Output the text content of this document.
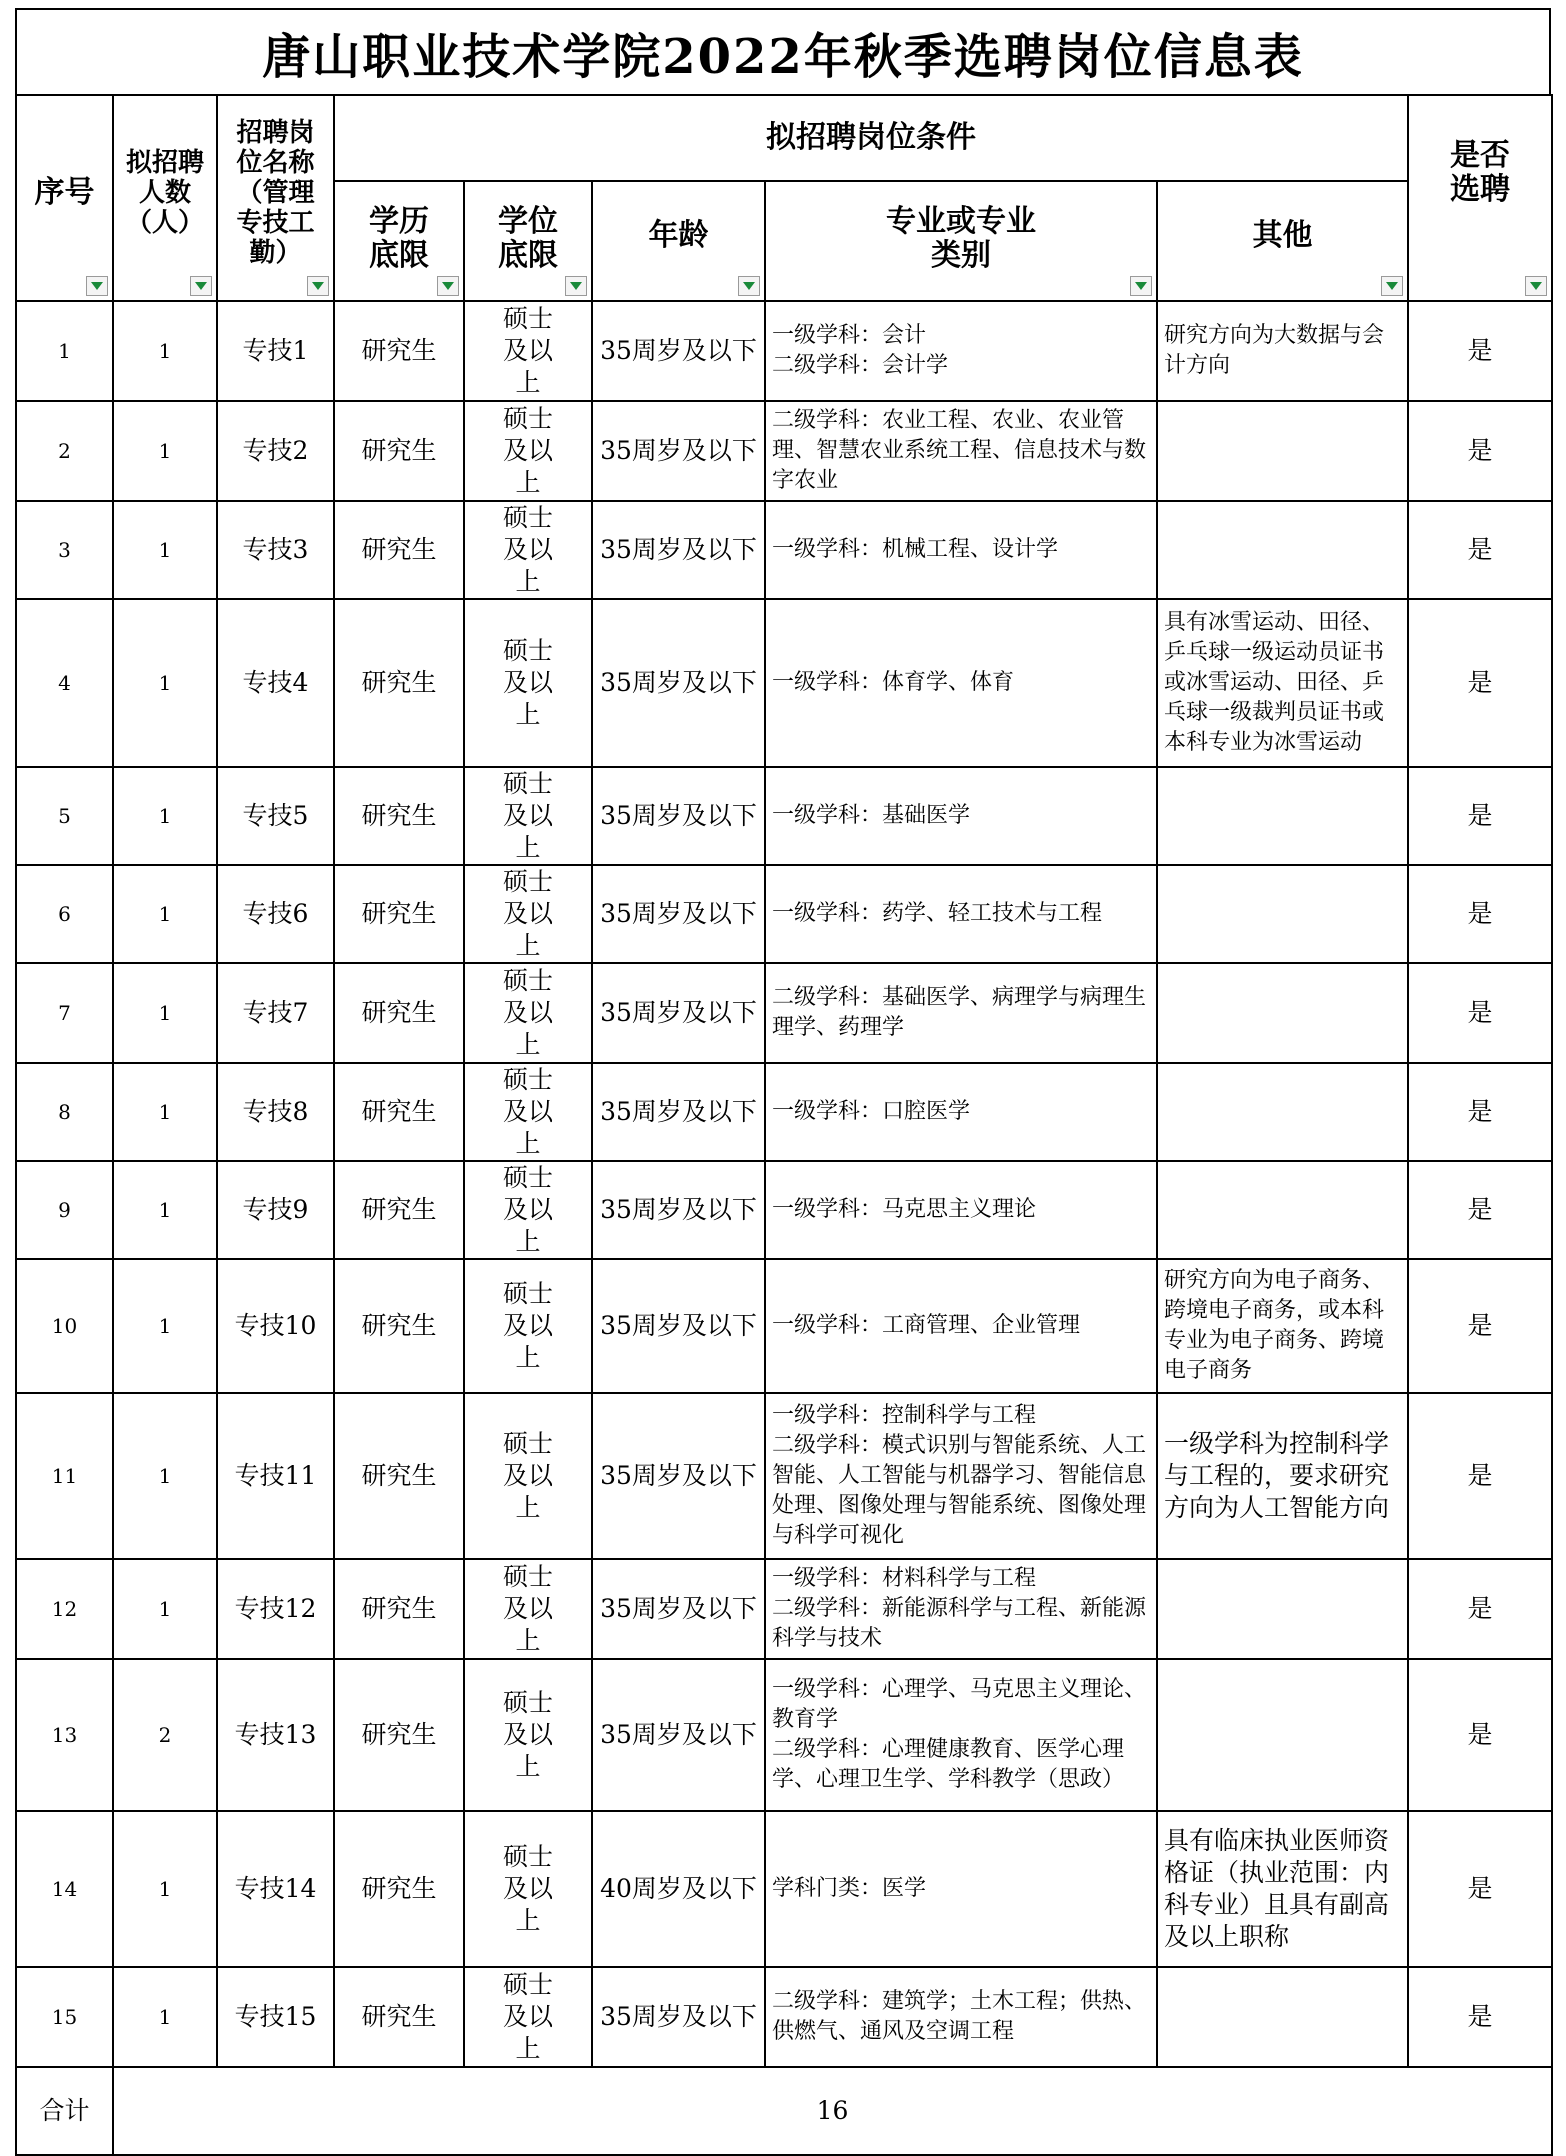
唐山职业技术学院2022年秋季选聘岗位信息表
序号	拟招聘人数（人）	招聘岗位名称（管理专技工勤）	拟招聘岗位条件					是否选聘

			学历底限	学位底限	年龄	专业或专业类别	其他	

1	1	专技1	研究生	硕士及以上	35周岁及以下	一级学科：会计
二级学科：会计学	研究方向为大数据与会计方向	是
2	1	专技2	研究生	硕士及以上	35周岁及以下	二级学科：农业工程、农业、农业管理、智慧农业系统工程、信息技术与数字农业		是
3	1	专技3	研究生	硕士及以上	35周岁及以下	一级学科：机械工程、设计学		是
4	1	专技4	研究生	硕士及以上	35周岁及以下	一级学科：体育学、体育	具有冰雪运动、田径、乒乓球一级运动员证书或冰雪运动、田径、乒乓球一级裁判员证书或本科专业为冰雪运动	是
5	1	专技5	研究生	硕士及以上	35周岁及以下	一级学科：基础医学		是
6	1	专技6	研究生	硕士及以上	35周岁及以下	一级学科：药学、轻工技术与工程		是
7	1	专技7	研究生	硕士及以上	35周岁及以下	二级学科：基础医学、病理学与病理生理学、药理学		是
8	1	专技8	研究生	硕士及以上	35周岁及以下	一级学科：口腔医学		是
9	1	专技9	研究生	硕士及以上	35周岁及以下	一级学科：马克思主义理论		是
10	1	专技10	研究生	硕士及以上	35周岁及以下	一级学科：工商管理、企业管理	研究方向为电子商务、跨境电子商务，或本科专业为电子商务、跨境电子商务	是
11	1	专技11	研究生	硕士及以上	35周岁及以下	一级学科：控制科学与工程
二级学科：模式识别与智能系统、人工智能、人工智能与机器学习、智能信息处理、图像处理与智能系统、图像处理与科学可视化	一级学科为控制科学与工程的，要求研究方向为人工智能方向	是
12	1	专技12	研究生	硕士及以上	35周岁及以下	一级学科：材料科学与工程
二级学科：新能源科学与工程、新能源科学与技术		是
13	2	专技13	研究生	硕士及以上	35周岁及以下	一级学科：心理学、马克思主义理论、教育学
二级学科：心理健康教育、医学心理学、心理卫生学、学科教学（思政）		是
14	1	专技14	研究生	硕士及以上	40周岁及以下	学科门类：医学	具有临床执业医师资格证（执业范围：内科专业）且具有副高及以上职称	是
15	1	专技15	研究生	硕士及以上	35周岁及以下	二级学科：建筑学；土木工程；供热、供燃气、通风及空调工程		是
合计	16							
